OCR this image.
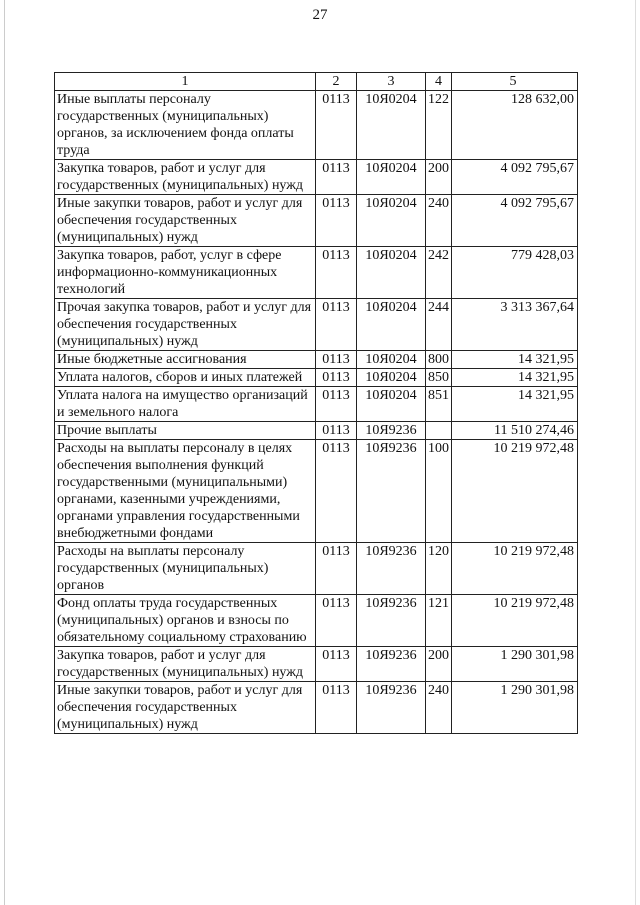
27
1	2	3	4	5
Иные выплаты персоналу государственных (муниципальных) органов, за исключением фонда оплаты труда	0113	10Я0204	122	128 632,00
Закупка товаров, работ и услуг для государственных (муниципальных) нужд	0113	10Я0204	200	4 092 795,67
Иные закупки товаров, работ и услуг для обеспечения государственных (муниципальных) нужд	0113	10Я0204	240	4 092 795,67
Закупка товаров, работ, услуг в сфере информационно-коммуникационных технологий	0113	10Я0204	242	779 428,03
Прочая закупка товаров, работ и услуг для обеспечения государственных (муниципальных) нужд	0113	10Я0204	244	3 313 367,64
Иные бюджетные ассигнования	0113	10Я0204	800	14 321,95
Уплата налогов, сборов и иных платежей	0113	10Я0204	850	14 321,95
Уплата налога на имущество организаций и земельного налога	0113	10Я0204	851	14 321,95
Прочие выплаты	0113	10Я9236		11 510 274,46
Расходы на выплаты персоналу в целях обеспечения выполнения функций государственными (муниципальными) органами, казенными учреждениями, органами управления государственными внебюджетными фондами	0113	10Я9236	100	10 219 972,48
Расходы на выплаты персоналу государственных (муниципальных) органов	0113	10Я9236	120	10 219 972,48
Фонд оплаты труда государственных (муниципальных) органов и взносы по обязательному социальному страхованию	0113	10Я9236	121	10 219 972,48
Закупка товаров, работ и услуг для государственных (муниципальных) нужд	0113	10Я9236	200	1 290 301,98
Иные закупки товаров, работ и услуг для обеспечения государственных (муниципальных) нужд	0113	10Я9236	240	1 290 301,98
